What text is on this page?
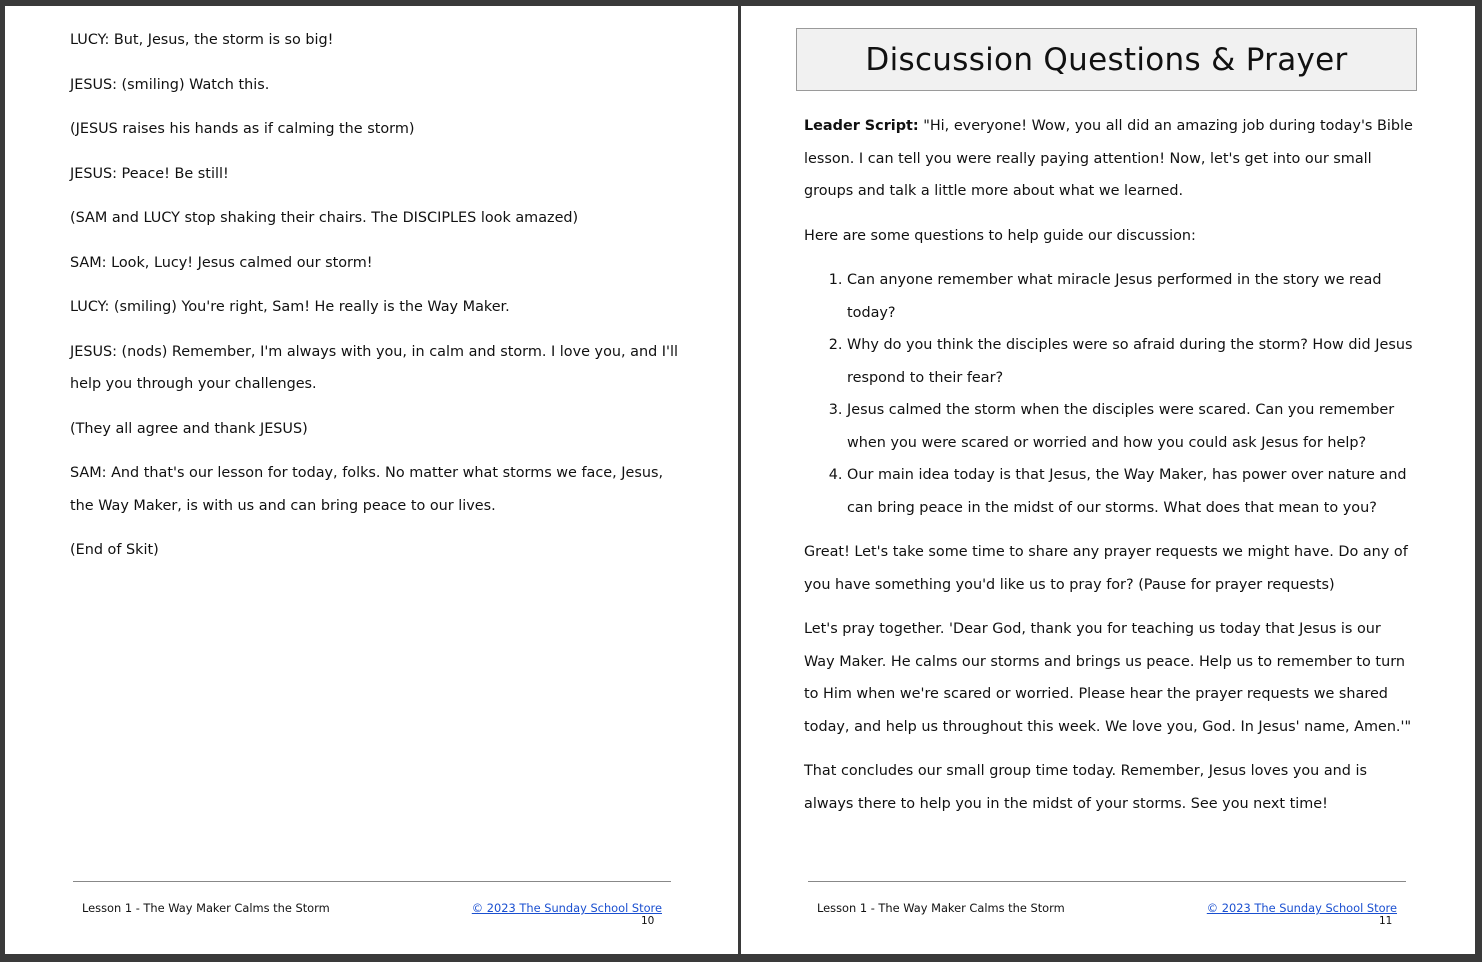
LUCY: But, Jesus, the storm is so big!

JESUS: (smiling) Watch this.

(JESUS raises his hands as if calming the storm)

JESUS: Peace! Be still!

(SAM and LUCY stop shaking their chairs. The DISCIPLES look amazed)

SAM: Look, Lucy! Jesus calmed our storm!

LUCY: (smiling) You're right, Sam! He really is the Way Maker.

JESUS: (nods) Remember, I'm always with you, in calm and storm. I love you, and I'll help you through your challenges.

(They all agree and thank JESUS)

SAM: And that's our lesson for today, folks. No matter what storms we face, Jesus, the Way Maker, is with us and can bring peace to our lives.

(End of Skit)

Lesson 1 - The Way Maker Calms the Storm	© 2023 The Sunday School Store
10
Discussion Questions & Prayer

Leader Script: "Hi, everyone! Wow, you all did an amazing job during today's Bible lesson. I can tell you were really paying attention! Now, let's get into our small groups and talk a little more about what we learned.

Here are some questions to help guide our discussion:

1. Can anyone remember what miracle Jesus performed in the story we read today?
2. Why do you think the disciples were so afraid during the storm? How did Jesus respond to their fear?
3. Jesus calmed the storm when the disciples were scared. Can you remember when you were scared or worried and how you could ask Jesus for help?
4. Our main idea today is that Jesus, the Way Maker, has power over nature and can bring peace in the midst of our storms. What does that mean to you?

Great! Let's take some time to share any prayer requests we might have. Do any of you have something you'd like us to pray for? (Pause for prayer requests)

Let's pray together. 'Dear God, thank you for teaching us today that Jesus is our Way Maker. He calms our storms and brings us peace. Help us to remember to turn to Him when we're scared or worried. Please hear the prayer requests we shared today, and help us throughout this week. We love you, God. In Jesus' name, Amen.'"

That concludes our small group time today. Remember, Jesus loves you and is always there to help you in the midst of your storms. See you next time!

Lesson 1 - The Way Maker Calms the Storm	© 2023 The Sunday School Store
11
